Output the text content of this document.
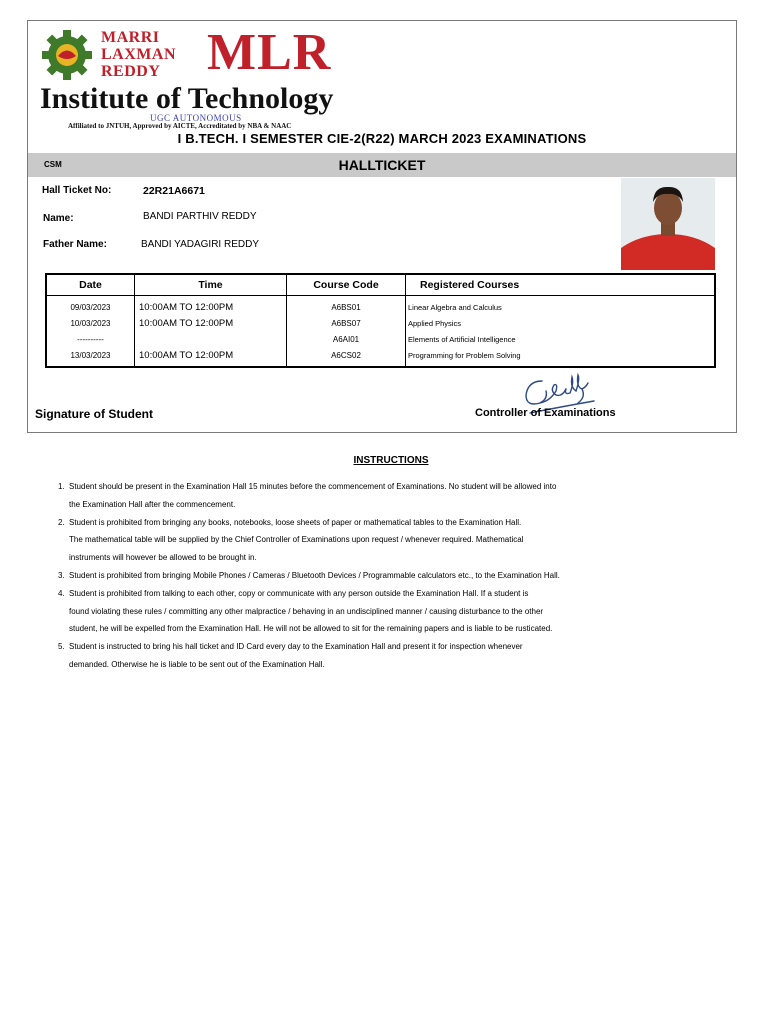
MARRI
LAXMAN
REDDY MLR
Institute of Technology
UGC AUTONOMOUS
Affiliated to JNTUH, Approved by AICTE, Accreditated by NBA & NAAC
I B.TECH. I SEMESTER CIE-2(R22) MARCH 2023 EXAMINATIONS
CSM	HALLTICKET
Hall Ticket No:	22R21A6671
Name:	BANDI PARTHIV REDDY
Father Name:	BANDI YADAGIRI REDDY
Date	Time	Course Code	Registered Courses
09/03/2023	10:00AM TO 12:00PM	A6BS01	Linear Algebra and Calculus
10/03/2023	10:00AM TO 12:00PM	A6BS07	Applied Physics
----------		A6AI01	Elements of Artificial Intelligence
13/03/2023	10:00AM TO 12:00PM	A6CS02	Programming for Problem Solving
Signature of Student	Controller of Examinations
INSTRUCTIONS
1. Student should be present in the Examination Hall 15 minutes before the commencement of Examinations. No student will be allowed into
the Examination Hall after the commencement.
2. Student is prohibited from bringing any books, notebooks, loose sheets of paper or mathematical tables to the Examination Hall.
The mathematical table will be supplied by the Chief Controller of Examinations upon request / whenever required. Mathematical
instruments will however be allowed to be brought in.
3. Student is prohibited from bringing Mobile Phones / Cameras / Bluetooth Devices / Programmable calculators etc., to the Examination Hall.
4. Student is prohibited from talking to each other, copy or communicate with any person outside the Examination Hall. If a student is
found violating these rules / committing any other malpractice / behaving in an undisciplined manner / causing disturbance to the other
student, he will be expelled from the Examination Hall. He will not be allowed to sit for the remaining papers and is liable to be rusticated.
5. Student is instructed to bring his hall ticket and ID Card every day to the Examination Hall and present it for inspection whenever
demanded. Otherwise he is liable to be sent out of the Examination Hall.
